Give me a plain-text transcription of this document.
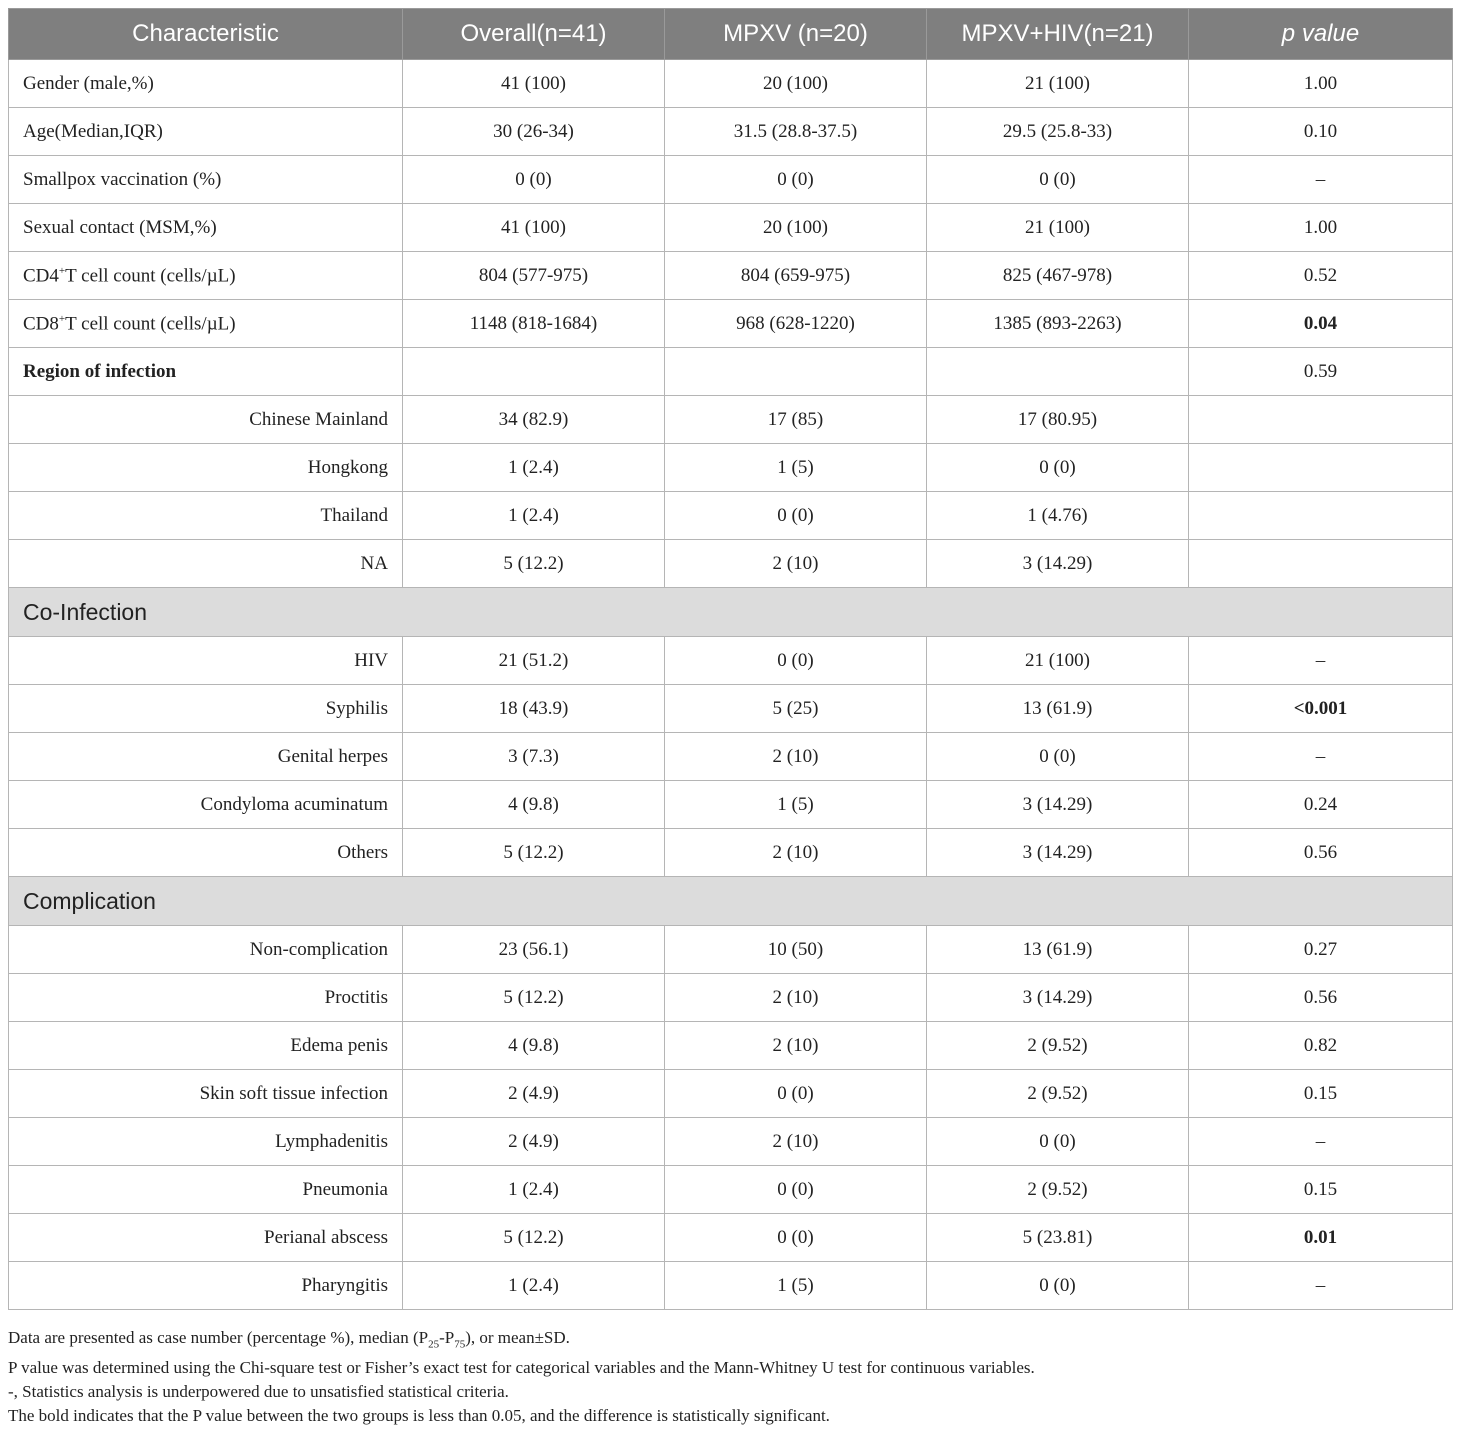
Characteristic	Overall(n=41)	MPXV (n=20)	MPXV+HIV(n=21)	p value
Gender (male,%)	41 (100)	20 (100)	21 (100)	1.00
Age(Median,IQR)	30 (26-34)	31.5 (28.8-37.5)	29.5 (25.8-33)	0.10
Smallpox vaccination (%)	0 (0)	0 (0)	0 (0)	–
Sexual contact (MSM,%)	41 (100)	20 (100)	21 (100)	1.00
CD4+T cell count (cells/µL)	804 (577-975)	804 (659-975)	825 (467-978)	0.52
CD8+T cell count (cells/µL)	1148 (818-1684)	968 (628-1220)	1385 (893-2263)	0.04
Region of infection				0.59
Chinese Mainland	34 (82.9)	17 (85)	17 (80.95)	
Hongkong	1 (2.4)	1 (5)	0 (0)	
Thailand	1 (2.4)	0 (0)	1 (4.76)	
NA	5 (12.2)	2 (10)	3 (14.29)	
Co-Infection				
HIV	21 (51.2)	0 (0)	21 (100)	–
Syphilis	18 (43.9)	5 (25)	13 (61.9)	<0.001
Genital herpes	3 (7.3)	2 (10)	0 (0)	–
Condyloma acuminatum	4 (9.8)	1 (5)	3 (14.29)	0.24
Others	5 (12.2)	2 (10)	3 (14.29)	0.56
Complication				
Non-complication	23 (56.1)	10 (50)	13 (61.9)	0.27
Proctitis	5 (12.2)	2 (10)	3 (14.29)	0.56
Edema penis	4 (9.8)	2 (10)	2 (9.52)	0.82
Skin soft tissue infection	2 (4.9)	0 (0)	2 (9.52)	0.15
Lymphadenitis	2 (4.9)	2 (10)	0 (0)	–
Pneumonia	1 (2.4)	0 (0)	2 (9.52)	0.15
Perianal abscess	5 (12.2)	0 (0)	5 (23.81)	0.01
Pharyngitis	1 (2.4)	1 (5)	0 (0)	–
Data are presented as case number (percentage %), median $(P_{25}-P_{75})$, or mean±SD.
P value was determined using the Chi-square test or Fisher’s exact test for categorical variables and the Mann-Whitney U test for continuous variables.
-, Statistics analysis is underpowered due to unsatisfied statistical criteria.
The bold indicates that the P value between the two groups is less than 0.05, and the difference is statistically significant.
